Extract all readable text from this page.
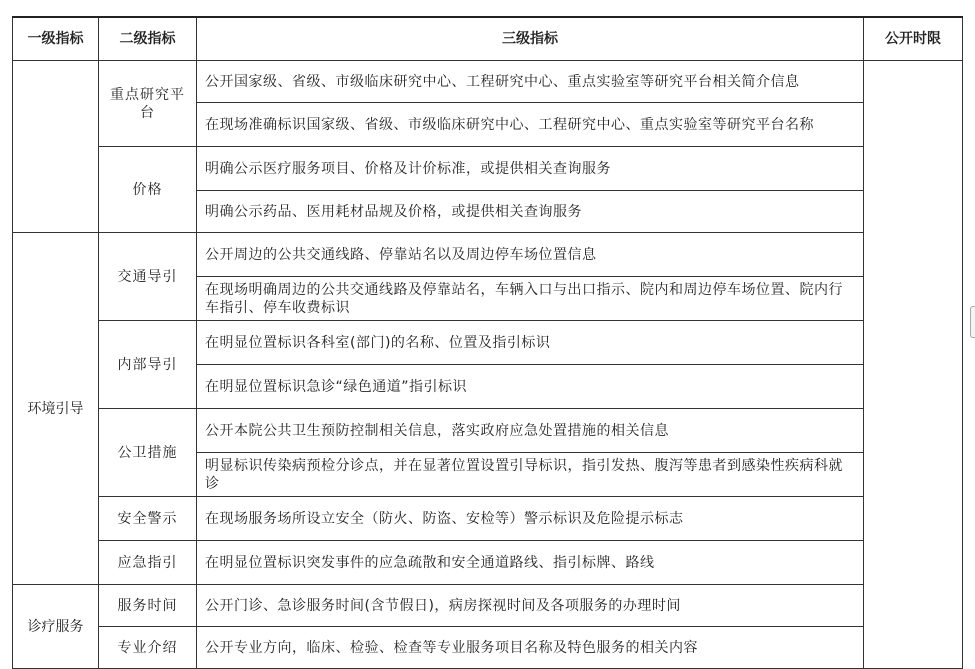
一级指标	二级指标	三级指标	公开时限
	重点研究平台	公开国家级、省级、市级临床研究中心、工程研究中心、重点实验室等研究平台相关简介信息	
		在现场准确标识国家级、省级、市级临床研究中心、工程研究中心、重点实验室等研究平台名称	
	价格	明确公示医疗服务项目、价格及计价标准，或提供相关查询服务	
		明确公示药品、医用耗材品规及价格，或提供相关查询服务	
环境引导	交通导引	公开周边的公共交通线路、停靠站名以及周边停车场位置信息	
		在现场明确周边的公共交通线路及停靠站名，车辆入口与出口指示、院内和周边停车场位置、院内行车指引、停车收费标识	
	内部导引	在明显位置标识各科室(部门)的名称、位置及指引标识	
		在明显位置标识急诊“绿色通道”指引标识	
	公卫措施	公开本院公共卫生预防控制相关信息，落实政府应急处置措施的相关信息	
		明显标识传染病预检分诊点，并在显著位置设置引导标识，指引发热、腹泻等患者到感染性疾病科就诊	
	安全警示	在现场服务场所设立安全（防火、防盗、安检等）警示标识及危险提示标志	
	应急指引	在明显位置标识突发事件的应急疏散和安全通道路线、指引标牌、路线	
诊疗服务	服务时间	公开门诊、急诊服务时间(含节假日)，病房探视时间及各项服务的办理时间	
	专业介绍	公开专业方向，临床、检验、检查等专业服务项目名称及特色服务的相关内容	
